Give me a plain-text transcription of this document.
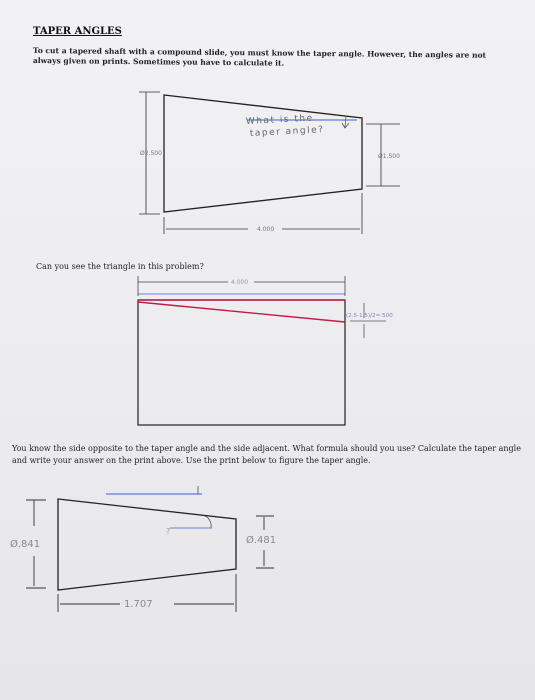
TAPER ANGLES
To cut a tapered shaft with a compound slide, you must know the taper angle. However, the angles are not always given on prints. Sometimes you have to calculate it.
Ø2.500	Ø1.500
4.000
What is the
taper angle?
4.000
(2.5-1.5)/2=.500
Ø.841	Ø.481
1.707
?
Can you see the triangle in this problem?
You know the side opposite to the taper angle and the side adjacent. What formula should you use? Calculate the taper angle and write your answer on the print above. Use the print below to figure the taper angle.
